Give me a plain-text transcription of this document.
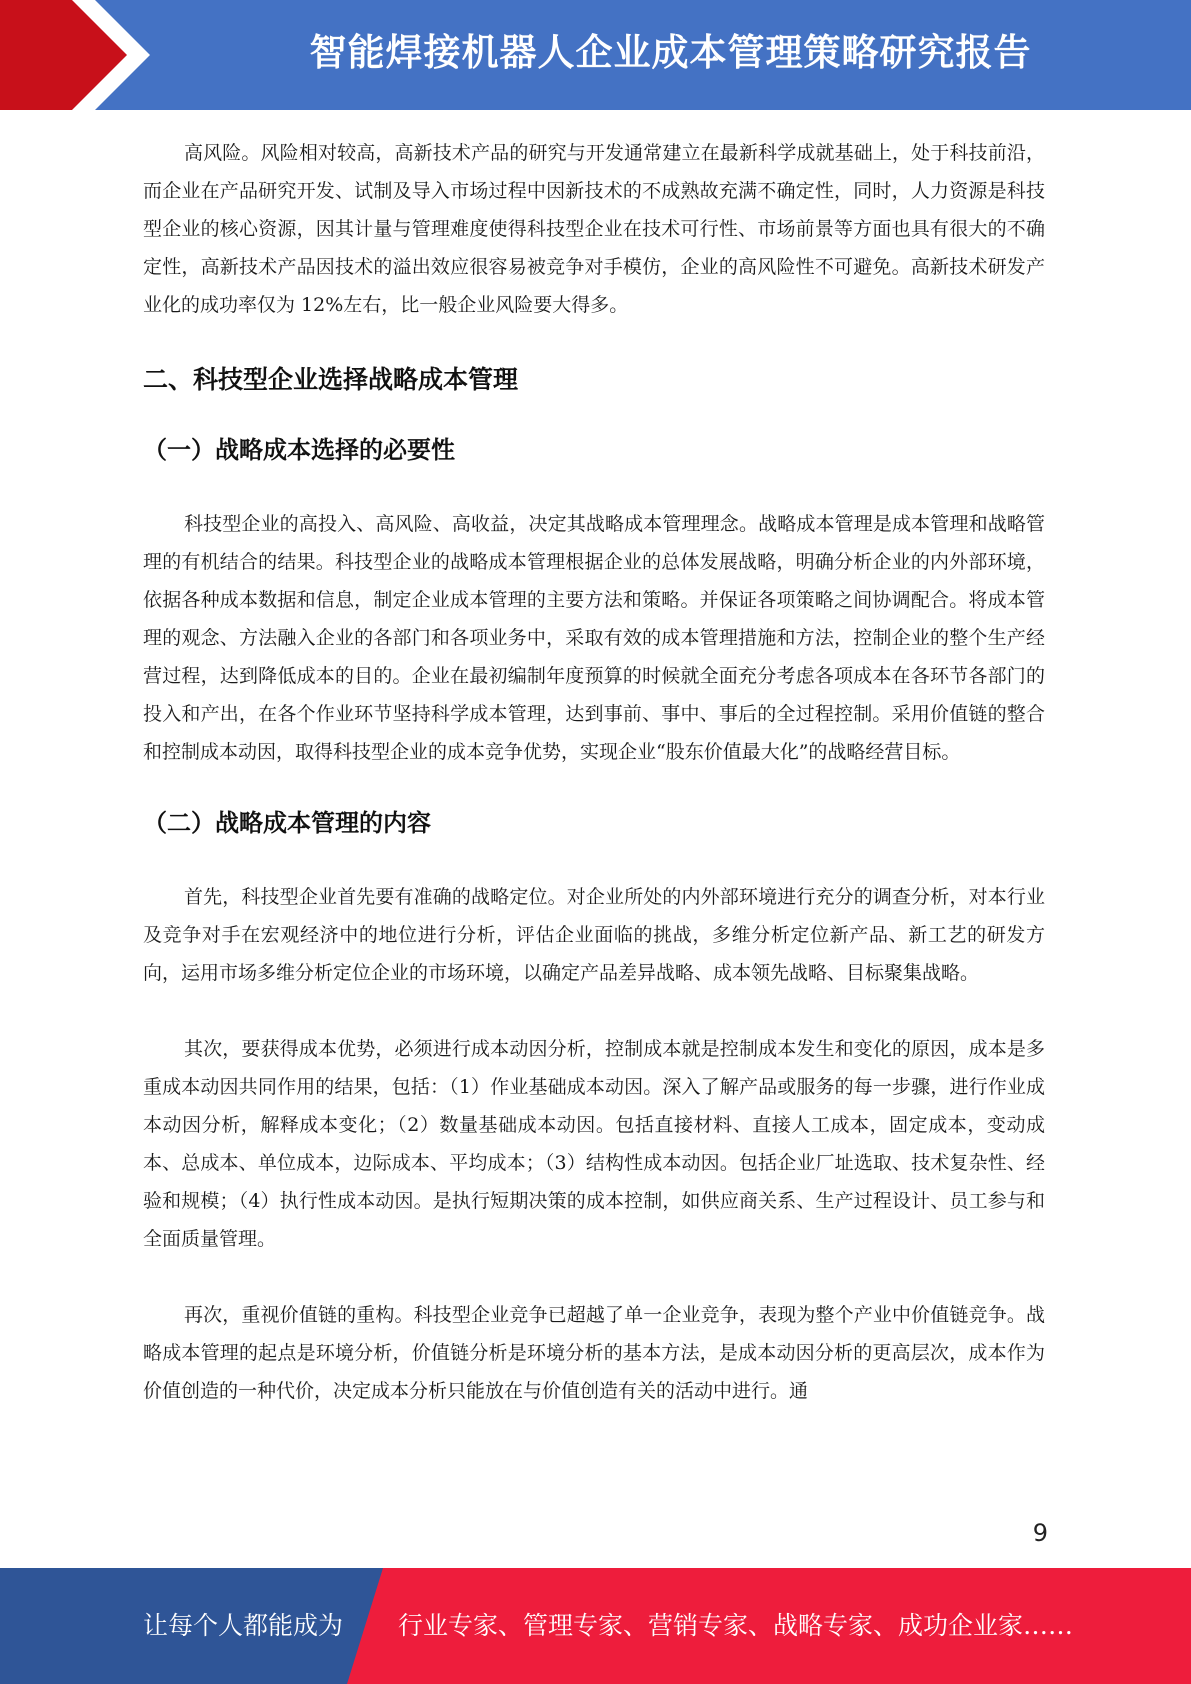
智能焊接机器人企业成本管理策略研究报告

高风险。风险相对较高，高新技术产品的研究与开发通常建立在最新科学成就基础上，处于科技前沿，而企业在产品研究开发、试制及导入市场过程中因新技术的不成熟故充满不确定性，同时，人力资源是科技型企业的核心资源，因其计量与管理难度使得科技型企业在技术可行性、市场前景等方面也具有很大的不确定性，高新技术产品因技术的溢出效应很容易被竞争对手模仿，企业的高风险性不可避免。高新技术研发产业化的成功率仅为 12%左右，比一般企业风险要大得多。

二、科技型企业选择战略成本管理

（一）战略成本选择的必要性

科技型企业的高投入、高风险、高收益，决定其战略成本管理理念。战略成本管理是成本管理和战略管理的有机结合的结果。科技型企业的战略成本管理根据企业的总体发展战略，明确分析企业的内外部环境，依据各种成本数据和信息，制定企业成本管理的主要方法和策略。并保证各项策略之间协调配合。将成本管理的观念、方法融入企业的各部门和各项业务中，采取有效的成本管理措施和方法，控制企业的整个生产经营过程，达到降低成本的目的。企业在最初编制年度预算的时候就全面充分考虑各项成本在各环节各部门的投入和产出，在各个作业环节坚持科学成本管理，达到事前、事中、事后的全过程控制。采用价值链的整合和控制成本动因，取得科技型企业的成本竞争优势，实现企业“股东价值最大化”的战略经营目标。

（二）战略成本管理的内容

首先，科技型企业首先要有准确的战略定位。对企业所处的内外部环境进行充分的调查分析，对本行业及竞争对手在宏观经济中的地位进行分析，评估企业面临的挑战，多维分析定位新产品、新工艺的研发方向，运用市场多维分析定位企业的市场环境，以确定产品差异战略、成本领先战略、目标聚集战略。

其次，要获得成本优势，必须进行成本动因分析，控制成本就是控制成本发生和变化的原因，成本是多重成本动因共同作用的结果，包括：（1）作业基础成本动因。深入了解产品或服务的每一步骤，进行作业成本动因分析，解释成本变化；（2）数量基础成本动因。包括直接材料、直接人工成本，固定成本，变动成本、总成本、单位成本，边际成本、平均成本；（3）结构性成本动因。包括企业厂址选取、技术复杂性、经验和规模；（4）执行性成本动因。是执行短期决策的成本控制，如供应商关系、生产过程设计、员工参与和全面质量管理。

再次，重视价值链的重构。科技型企业竞争已超越了单一企业竞争，表现为整个产业中价值链竞争。战略成本管理的起点是环境分析，价值链分析是环境分析的基本方法，是成本动因分析的更高层次，成本作为价值创造的一种代价，决定成本分析只能放在与价值创造有关的活动中进行。通

9
让每个人都能成为 行业专家、管理专家、营销专家、战略专家、成功企业家……
